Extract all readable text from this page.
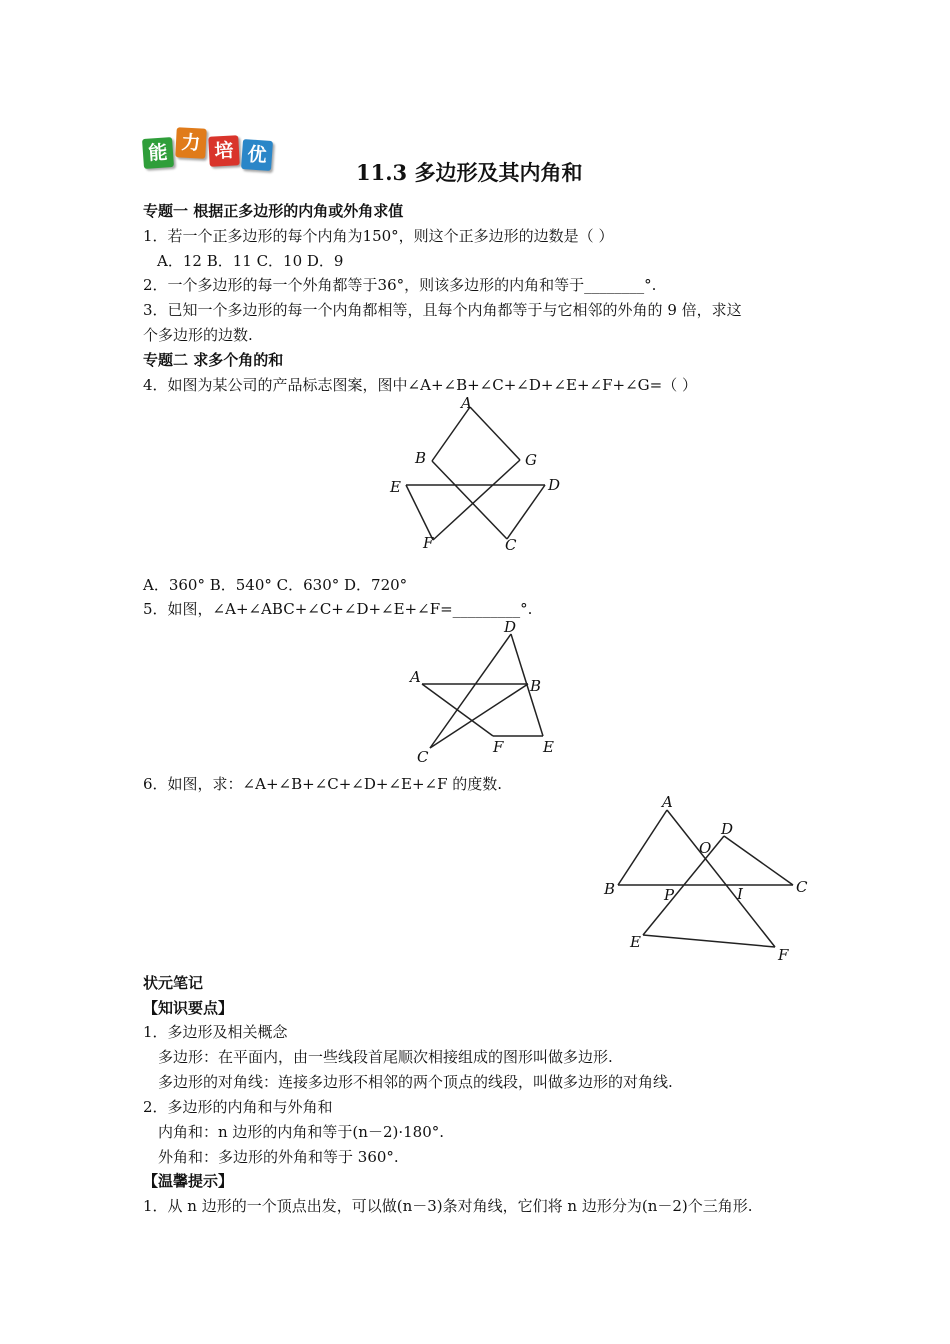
能 力 培 优
11.3 多边形及其内角和
专题一 根据正多边形的内角或外角求值
1．若一个正多边形的每个内角为150°，则这个正多边形的边数是（ ）
A．12 B．11 C．10 D．9
2．一个多边形的每一个外角都等于36°，则该多边形的内角和等于________°.
3．已知一个多边形的每一个内角都相等，且每个内角都等于与它相邻的外角的 9 倍，求这
个多边形的边数.
专题二 求多个角的和
4．如图为某公司的产品标志图案，图中∠A+∠B+∠C+∠D+∠E+∠F+∠G=（ ）
A
B	G
E	D
F	C
A．360° B．540° C．630° D．720°
5．如图，∠A+∠ABC+∠C+∠D+∠E+∠F=_________°.
D
A	B
C
F	E
6．如图，求：∠A+∠B+∠C+∠D+∠E+∠F 的度数.
A
D
O
B	P	I	C
E
F
状元笔记
【知识要点】
1．多边形及相关概念
多边形：在平面内，由一些线段首尾顺次相接组成的图形叫做多边形.
多边形的对角线：连接多边形不相邻的两个顶点的线段，叫做多边形的对角线.
2．多边形的内角和与外角和
内角和：n 边形的内角和等于(n－2)·180°.
外角和：多边形的外角和等于 360°.
【温馨提示】
1．从 n 边形的一个顶点出发，可以做(n－3)条对角线，它们将 n 边形分为(n－2)个三角形.
